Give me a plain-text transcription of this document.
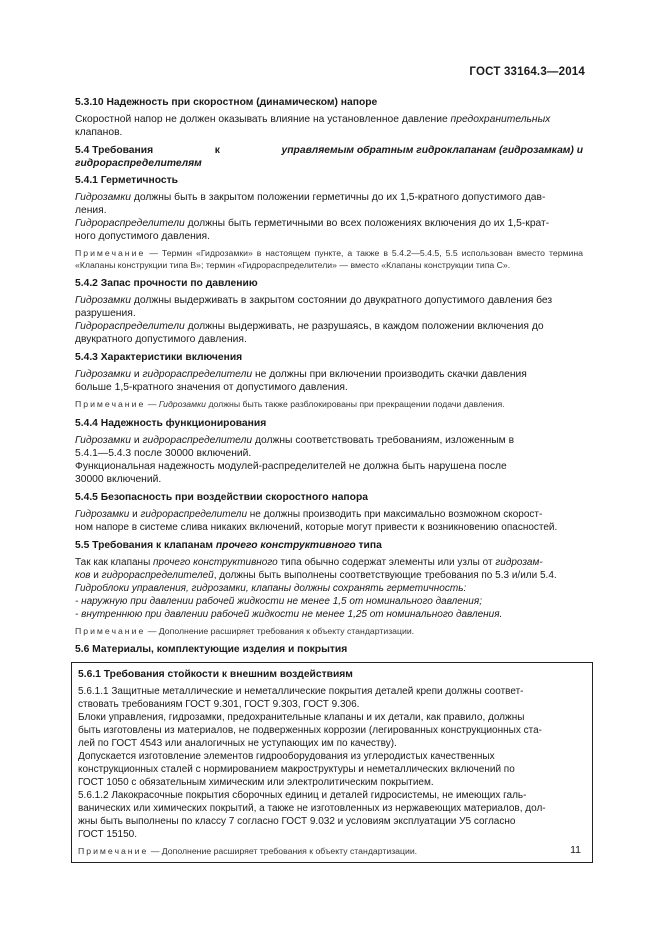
ГОСТ 33164.3—2014
5.3.10 Надежность при скоростном (динамическом) напоре

Скоростной напор не должен оказывать влияние на установленное давление предохранительных
клапанов.

5.4 Требования	к	управляемым обратным гидроклапанам (гидрозамкам) и
гидрораспределителям
5.4.1 Герметичность

Гидрозамки должны быть в закрытом положении герметичны до их 1,5-кратного допустимого дав-
ления.
Гидрораспределители должны быть герметичными во всех положениях включения до их 1,5-крат-
ного допустимого давления.

Примечание — Термин «Гидрозамки» в настоящем пункте, а также в 5.4.2—5.4.5, 5.5 использован вместо термина «Клапаны конструкции типа В»; термин «Гидрораспределители» — вместо «Клапаны конструкции типа С».
5.4.2 Запас прочности по давлению

Гидрозамки должны выдерживать в закрытом состоянии до двукратного допустимого давления без
разрушения.
Гидрораспределители должны выдерживать, не разрушаясь, в каждом положении включения до
двукратного допустимого давления.

5.4.3 Характеристики включения

Гидрозамки и гидрораспределители не должны при включении производить скачки давления
больше 1,5-кратного значения от допустимого давления.

Примечание — Гидрозамки должны быть также разблокированы при прекращении подачи давления.
5.4.4 Надежность функционирования

Гидрозамки и гидрораспределители должны соответствовать требованиям, изложенным в
5.4.1—5.4.3 после 30000 включений.
Функциональная надежность модулей-распределителей не должна быть нарушена после
30000 включений.

5.4.5 Безопасность при воздействии скоростного напора

Гидрозамки и гидрораспределители не должны производить при максимально возможном скорост-
ном напоре в системе слива никаких включений, которые могут привести к возникновению опасностей.

5.5 Требования к клапанам прочего конструктивного типа

Так как клапаны прочего конструктивного типа обычно содержат элементы или узлы от гидрозам-
ков и гидрораспределителей, должны быть выполнены соответствующие требования по 5.3 и/или 5.4.
Гидроблоки управления, гидрозамки, клапаны должны сохранять герметичность:
- наружную при давлении рабочей жидкости не менее 1,5 от номинального давления;
- внутреннюю при давлении рабочей жидкости не менее 1,25 от номинального давления.

Примечание — Дополнение расширяет требования к объекту стандартизации.
5.6 Материалы, комплектующие изделия и покрытия
5.6.1 Требования стойкости к внешним воздействиям

5.6.1.1 Защитные металлические и неметаллические покрытия деталей крепи должны соответ-
ствовать требованиям ГОСТ 9.301, ГОСТ 9.303, ГОСТ 9.306.
Блоки управления, гидрозамки, предохранительные клапаны и их детали, как правило, должны
быть изготовлены из материалов, не подверженных коррозии (легированных конструкционных ста-
лей по ГОСТ 4543 или аналогичных не уступающих им по качеству).
Допускается изготовление элементов гидрооборудования из углеродистых качественных
конструкционных сталей с нормированием макроструктуры и неметаллических включений по
ГОСТ 1050 с обязательным химическим или электролитическим покрытием.
5.6.1.2 Лакокрасочные покрытия сборочных единиц и деталей гидросистемы, не имеющих галь-
ванических или химических покрытий, а также не изготовленных из нержавеющих материалов, дол-
жны быть выполнены по классу 7 согласно ГОСТ 9.032 и условиям эксплуатации У5 согласно
ГОСТ 15150.

Примечание — Дополнение расширяет требования к объекту стандартизации.	11
